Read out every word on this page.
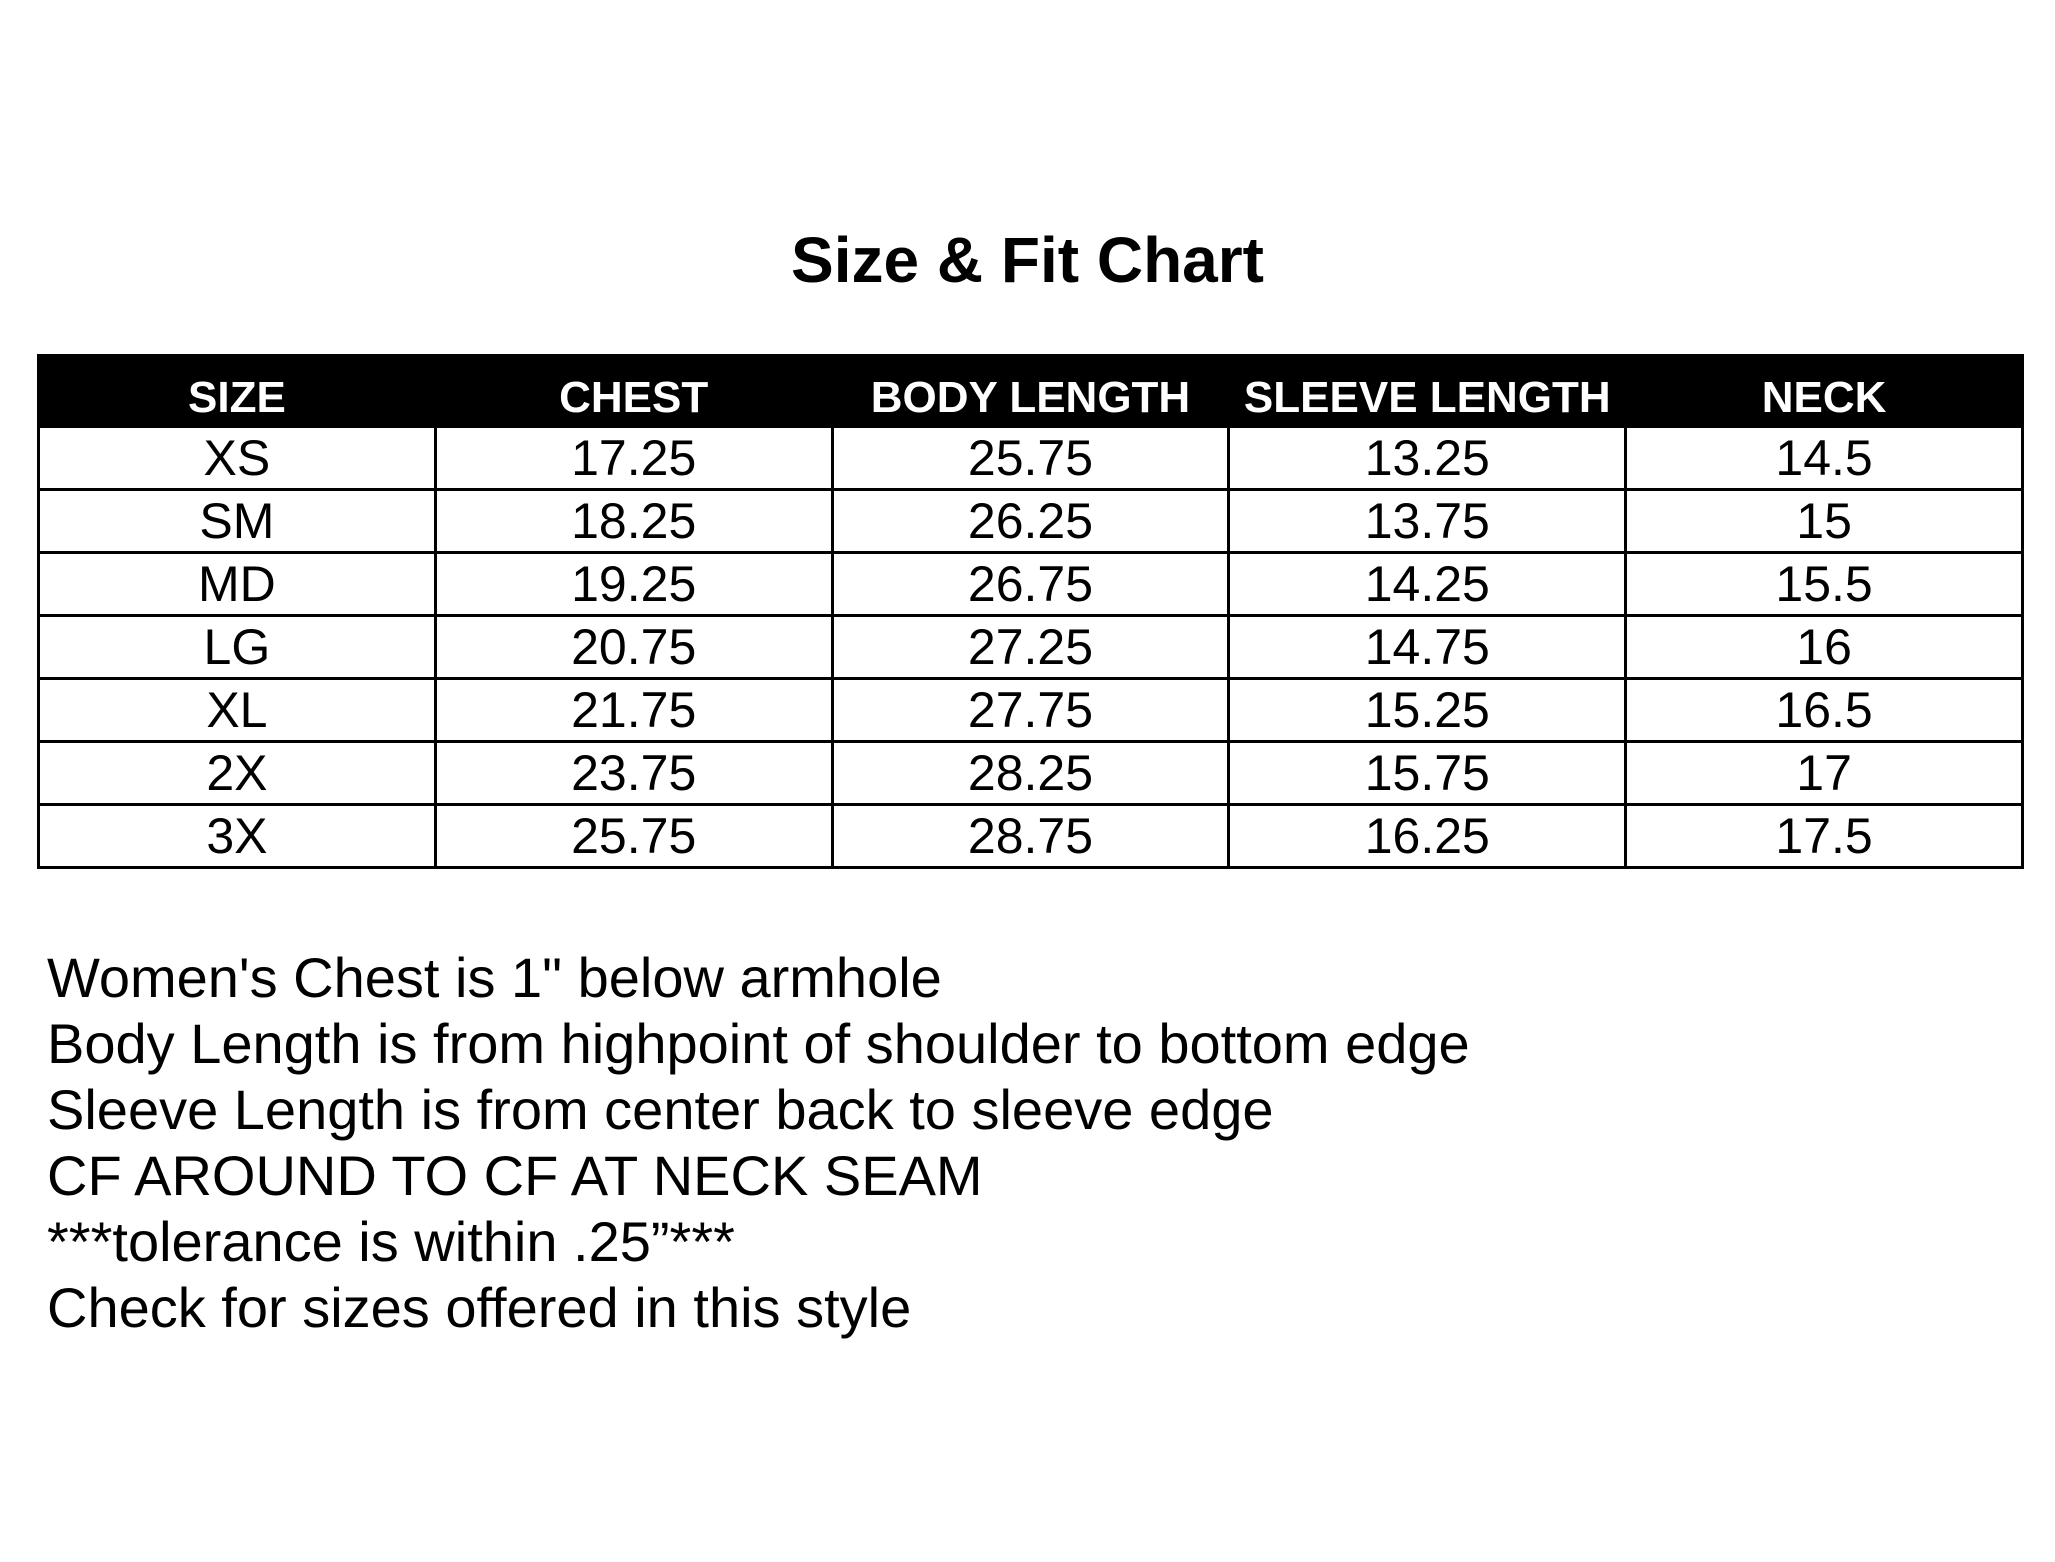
Size & Fit Chart
SIZE	CHEST	BODY LENGTH	SLEEVE LENGTH	NECK
XS	17.25	25.75	13.25	14.5
SM	18.25	26.25	13.75	15
MD	19.25	26.75	14.25	15.5
LG	20.75	27.25	14.75	16
XL	21.75	27.75	15.25	16.5
2X	23.75	28.25	15.75	17
3X	25.75	28.75	16.25	17.5
Women's Chest is 1" below armhole
Body Length is from highpoint of shoulder to bottom edge
Sleeve Length is from center back to sleeve edge
CF AROUND TO CF AT NECK SEAM
***tolerance is within .25”***
Check for sizes offered in this style
